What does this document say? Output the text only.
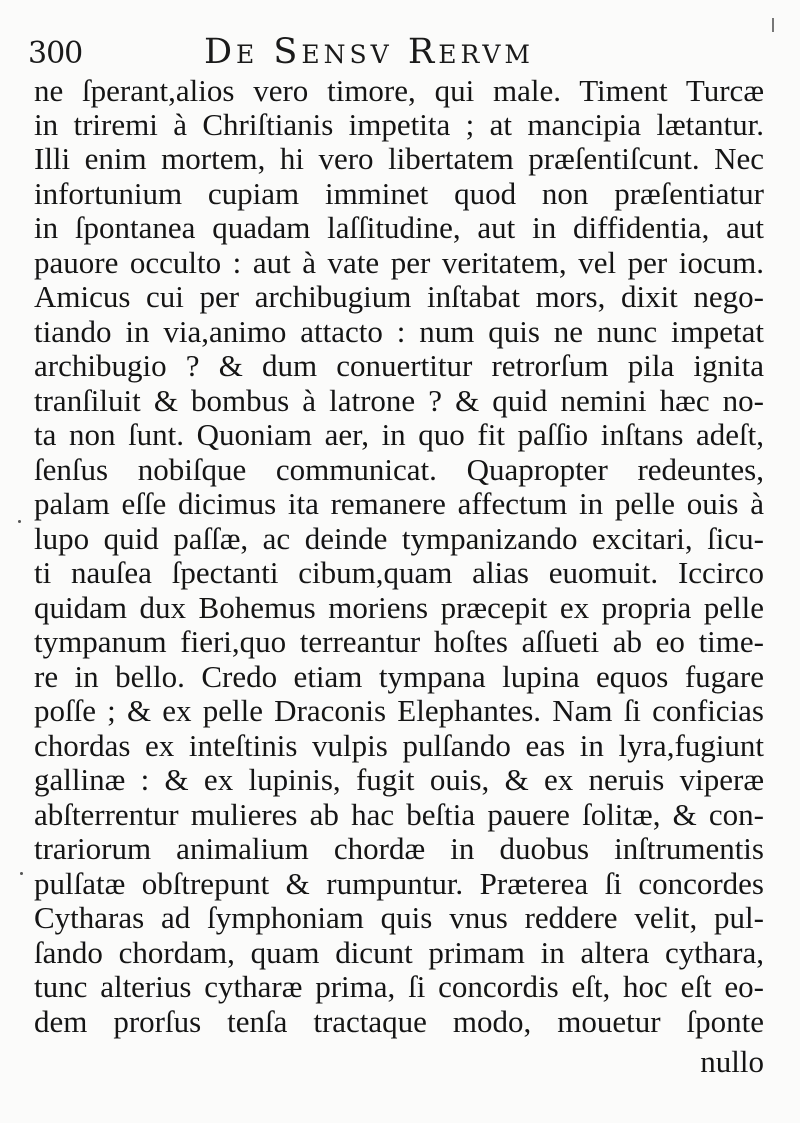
300	De Sensv Rervm
ne ſperant,alios vero timore, qui male. Timent Turcæ
in triremi à Chriſtianis impetita ; at mancipia lætantur.
Illi enim mortem, hi vero libertatem præſentiſcunt. Nec
infortunium cupiam imminet quod non præſentiatur
in ſpontanea quadam laſſitudine, aut in diffidentia, aut
pauore occulto : aut à vate per veritatem, vel per iocum.
Amicus cui per archibugium inſtabat mors, dixit nego-
tiando in via,animo attacto : num quis ne nunc impetat
archibugio ? & dum conuertitur retrorſum pila ignita
tranſiluit & bombus à latrone ? & quid nemini hæc no-
ta non ſunt. Quoniam aer, in quo fit paſſio inſtans adeſt,
ſenſus nobiſque communicat. Quapropter redeuntes,
palam eſſe dicimus ita remanere affectum in pelle ouis à
lupo quid paſſæ, ac deinde tympanizando excitari, ſicu-
ti nauſea ſpectanti cibum,quam alias euomuit. Iccirco
quidam dux Bohemus moriens præcepit ex propria pelle
tympanum fieri,quo terreantur hoſtes aſſueti ab eo time-
re in bello. Credo etiam tympana lupina equos fugare
poſſe ; & ex pelle Draconis Elephantes. Nam ſi conficias
chordas ex inteſtinis vulpis pulſando eas in lyra,fugiunt
gallinæ : & ex lupinis, fugit ouis, & ex neruis viperæ
abſterrentur mulieres ab hac beſtia pauere ſolitæ, & con-
trariorum animalium chordæ in duobus inſtrumentis
pulſatæ obſtrepunt & rumpuntur. Præterea ſi concordes
Cytharas ad ſymphoniam quis vnus reddere velit, pul-
ſando chordam, quam dicunt primam in altera cythara,
tunc alterius cytharæ prima, ſi concordis eſt, hoc eſt eo-
dem prorſus tenſa tractaque modo, mouetur ſponte
nullo
